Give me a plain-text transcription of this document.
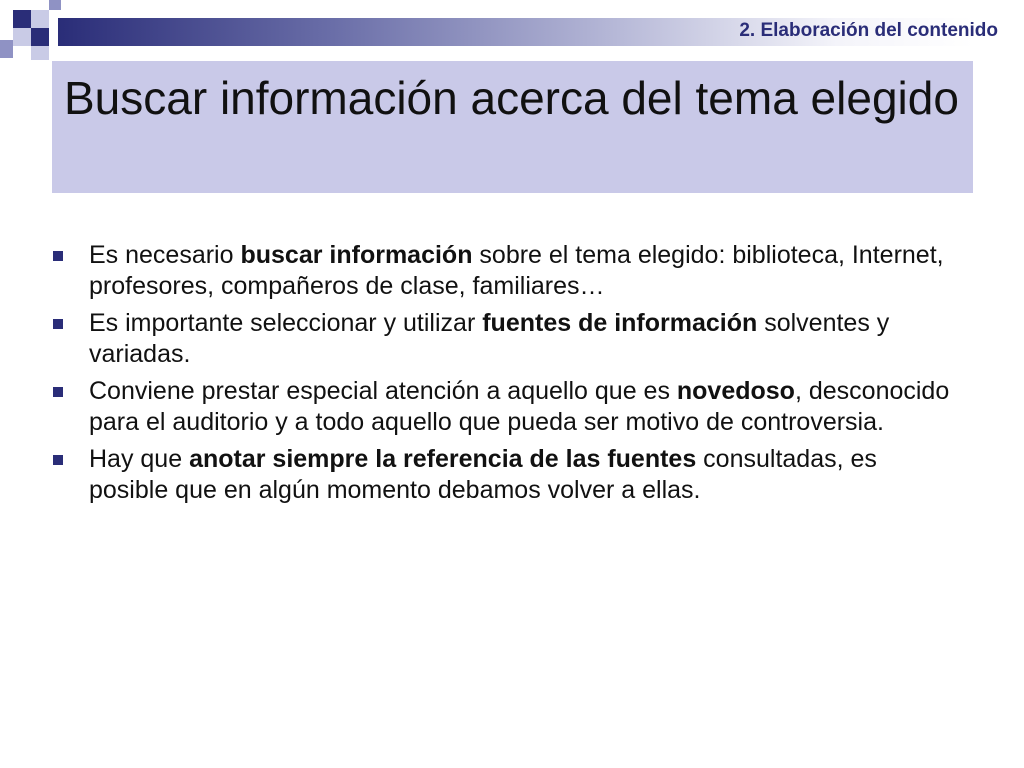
2. Elaboración del contenido
Buscar información acerca del tema elegido
Es necesario buscar información sobre el tema elegido: biblioteca, Internet, profesores, compañeros de clase, familiares…
Es importante seleccionar y utilizar fuentes de información solventes y variadas.
Conviene prestar especial atención a aquello que es novedoso, desconocido para el auditorio y a todo aquello que pueda ser motivo de controversia.
Hay que anotar siempre la referencia de las fuentes consultadas, es posible que en algún momento debamos volver a ellas.
